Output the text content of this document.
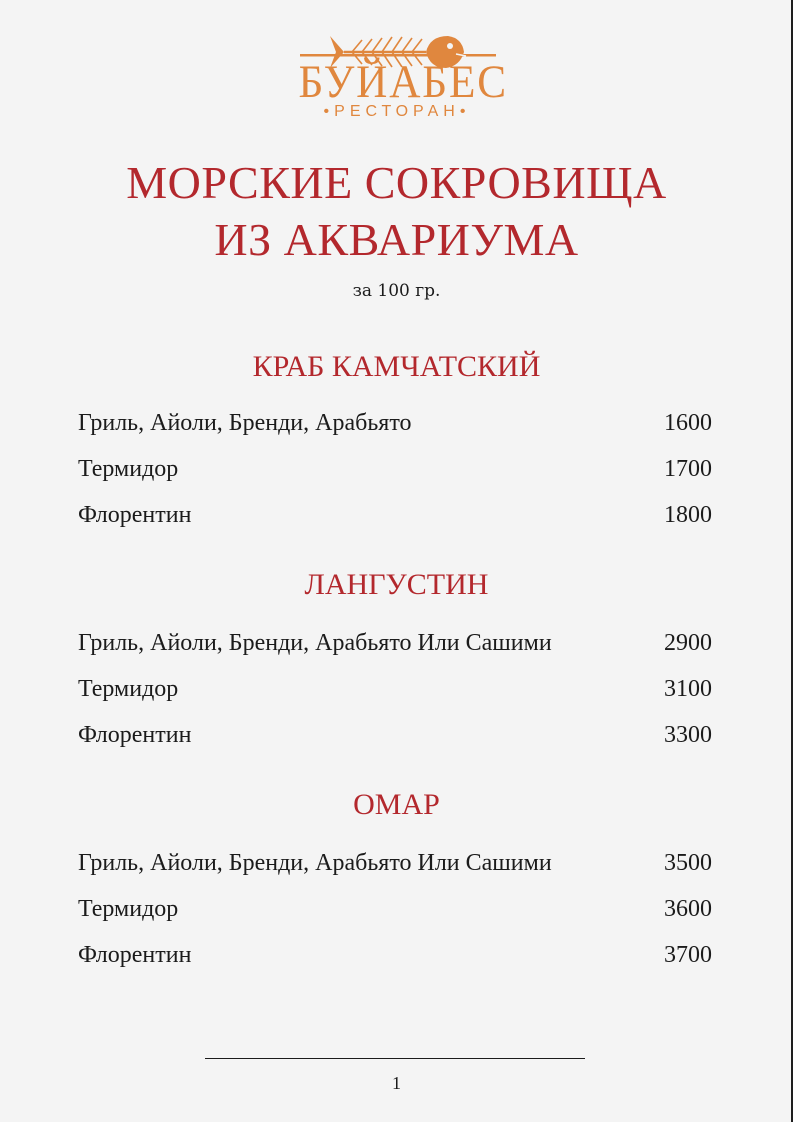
БУЙАБЕС
•РЕСТОРАН•
МОРСКИЕ СОКРОВИЩА
ИЗ АКВАРИУМА
за 100 гр.
КРАБ КАМЧАТСКИЙ
Гриль, Айоли, Бренди, Арабьято	1600
Термидор	1700
Флорентин	1800
ЛАНГУСТИН
Гриль, Айоли, Бренди, Арабьято Или Сашими	2900
Термидор	3100
Флорентин	3300
ОМАР
Гриль, Айоли, Бренди, Арабьято Или Сашими	3500
Термидор	3600
Флорентин	3700
1
